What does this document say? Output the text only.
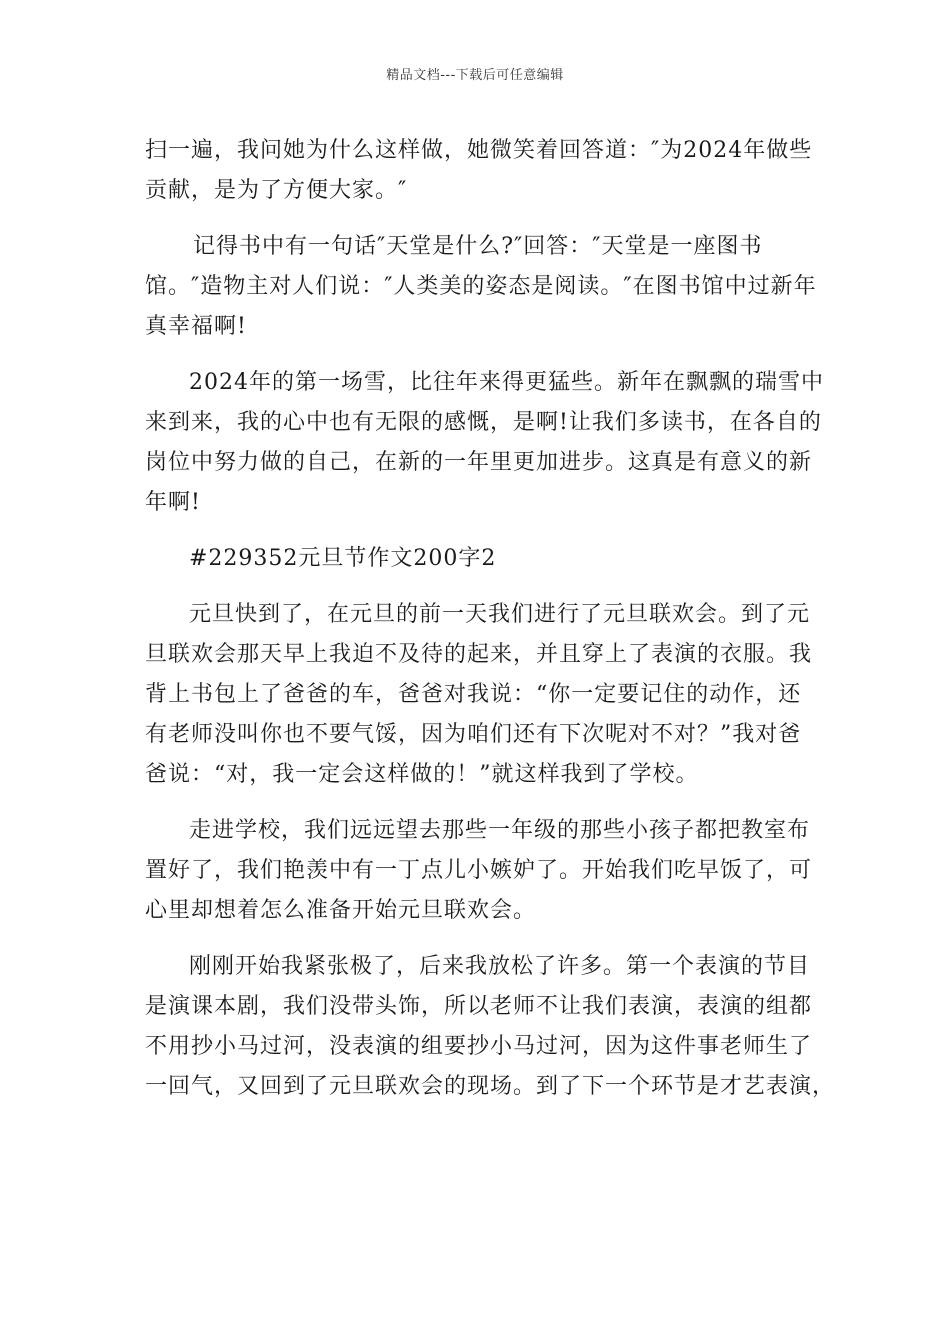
精品文档---下载后可任意编辑

扫一遍，我问她为什么这样做，她微笑着回答道：″为2024年做些
贡献，是为了方便大家。″

记得书中有一句话″天堂是什么?″回答：″天堂是一座图书
馆。″造物主对人们说：″人类美的姿态是阅读。″在图书馆中过新年
真幸福啊!

2024年的第一场雪，比往年来得更猛些。新年在飘飘的瑞雪中
来到来，我的心中也有无限的感慨，是啊!让我们多读书，在各自的
岗位中努力做的自己，在新的一年里更加进步。这真是有意义的新
年啊!

#229352元旦节作文200字2

元旦快到了，在元旦的前一天我们进行了元旦联欢会。到了元
旦联欢会那天早上我迫不及待的起来，并且穿上了表演的衣服。我
背上书包上了爸爸的车，爸爸对我说：“你一定要记住的动作，还
有老师没叫你也不要气馁，因为咱们还有下次呢对不对？”我对爸
爸说：“对，我一定会这样做的！”就这样我到了学校。

走进学校，我们远远望去那些一年级的那些小孩子都把教室布
置好了，我们艳羡中有一丁点儿小嫉妒了。开始我们吃早饭了，可
心里却想着怎么准备开始元旦联欢会。

刚刚开始我紧张极了，后来我放松了许多。第一个表演的节目
是演课本剧，我们没带头饰，所以老师不让我们表演，表演的组都
不用抄小马过河，没表演的组要抄小马过河，因为这件事老师生了
一回气，又回到了元旦联欢会的现场。到了下一个环节是才艺表演，
